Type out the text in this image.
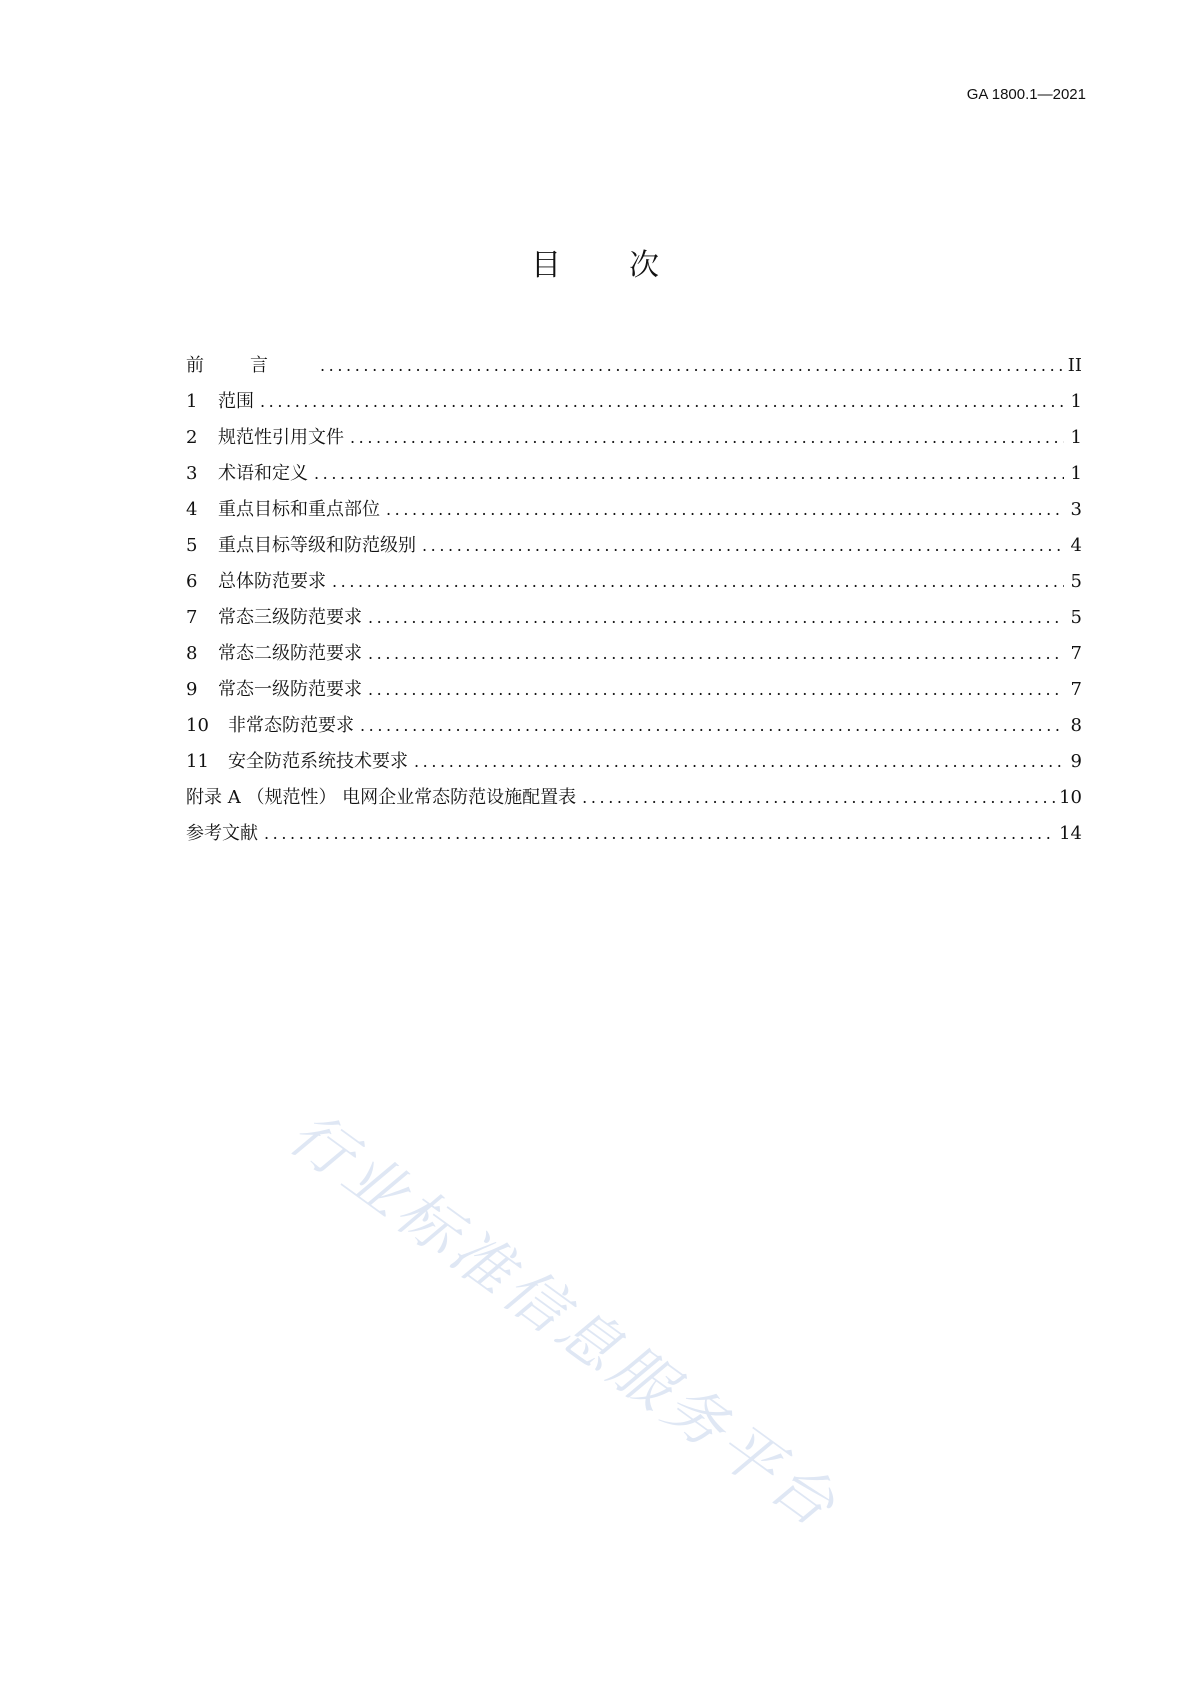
GA 1800.1—2021
目 次
前言 .....	II
1	范围 .....	1
2	规范性引用文件 .....	1
3	术语和定义 .....	1
4	重点目标和重点部位 .....	3
5	重点目标等级和防范级别 .....	4
6	总体防范要求 .....	5
7	常态三级防范要求 .....	5
8	常态二级防范要求 .....	7
9	常态一级防范要求 .....	7
10	非常态防范要求 .....	8
11	安全防范系统技术要求 .....	9
附录 A （规范性） 电网企业常态防范设施配置表 .....	10
参考文献 .....	14
行业标准信息服务平台
